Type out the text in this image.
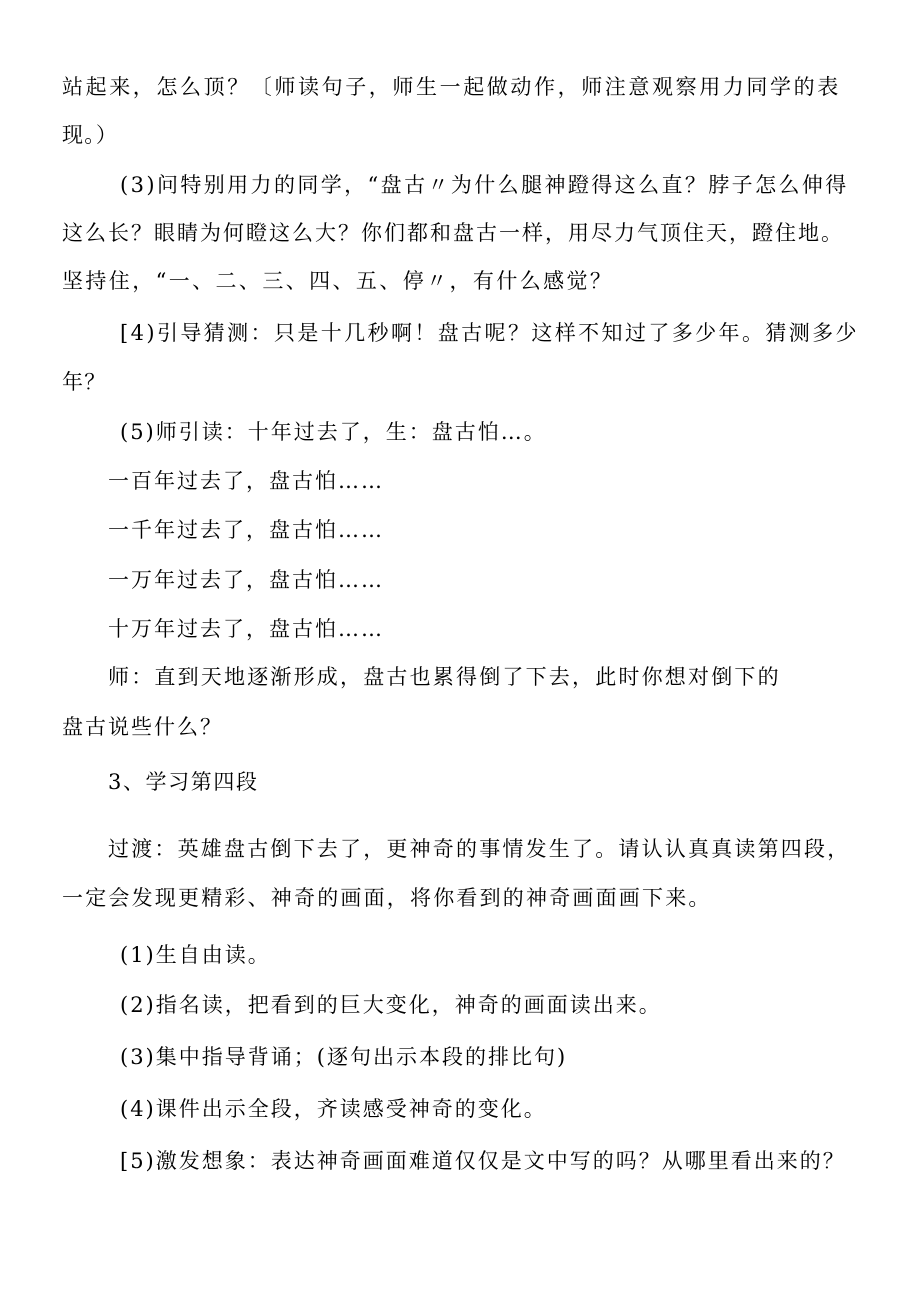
站起来，怎么顶？〔师读句子，师生一起做动作，师注意观察用力同学的表
现。）
(3)问特别用力的同学，“盘古〃为什么腿神蹬得这么直？脖子怎么伸得
这么长？眼睛为何瞪这么大？你们都和盘古一样，用尽力气顶住天，蹬住地。
坚持住，“一、二、三、四、五、停〃，有什么感觉？
[4)引导猜测：只是十几秒啊！盘古呢？这样不知过了多少年。猜测多少
年？
(5)师引读：十年过去了，生：盘古怕…。
一百年过去了，盘古怕……
一千年过去了，盘古怕……
一万年过去了，盘古怕……
十万年过去了，盘古怕……
师：直到天地逐渐形成，盘古也累得倒了下去，此时你想对倒下的
盘古说些什么？
3、学习第四段
过渡：英雄盘古倒下去了，更神奇的事情发生了。请认认真真读第四段，
一定会发现更精彩、神奇的画面，将你看到的神奇画面画下来。
(1)生自由读。
(2)指名读，把看到的巨大变化，神奇的画面读出来。
(3)集中指导背诵；(逐句出示本段的排比句)
(4)课件出示全段，齐读感受神奇的变化。
[5)激发想象：表达神奇画面难道仅仅是文中写的吗？从哪里看出来的？
